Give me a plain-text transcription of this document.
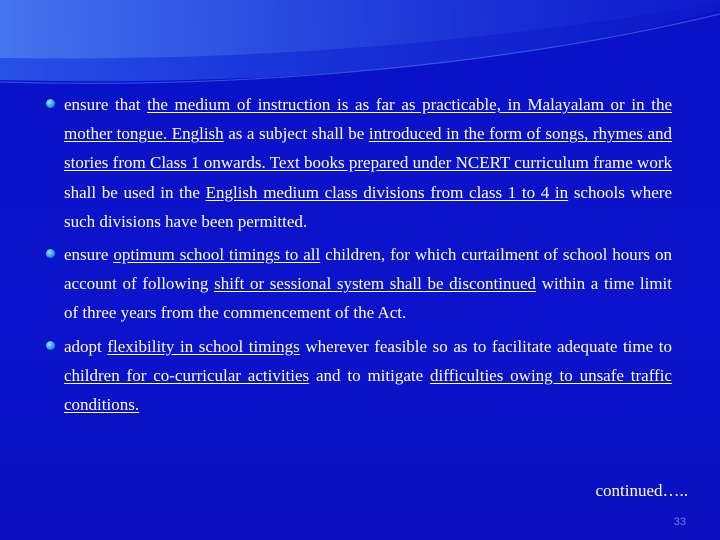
ensure that the medium of instruction is as far as practicable, in Malayalam or in the mother tongue. English as a subject shall be introduced in the form of songs, rhymes and stories from Class 1 onwards. Text books prepared under NCERT curriculum frame work shall be used in the English medium class divisions from class 1 to 4 in schools where such divisions have been permitted.
ensure optimum school timings to all children, for which curtailment of school hours on account of following shift or sessional system shall be discontinued within a time limit of three years from the commencement of the Act.
adopt flexibility in school timings wherever feasible so as to facilitate adequate time to children for co-curricular activities and to mitigate difficulties owing to unsafe traffic conditions.
continued…..
33
